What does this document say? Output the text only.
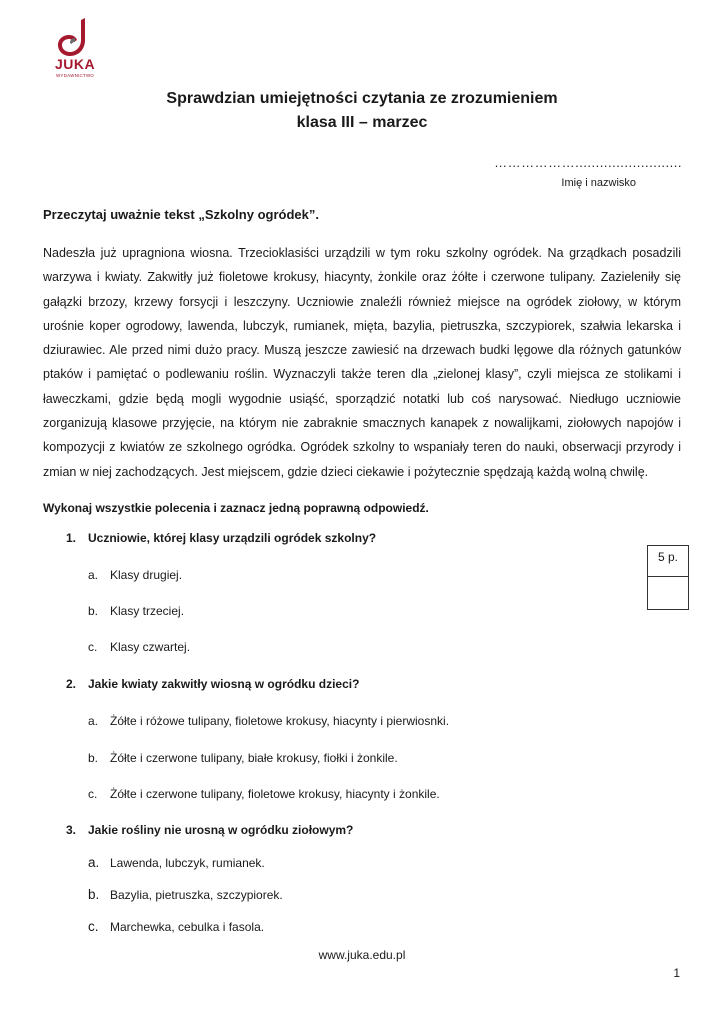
JUKA
WYDAWNICTWO
Sprawdzian umiejętności czytania ze zrozumieniem
klasa III – marzec
………………..........................
Imię i nazwisko
Przeczytaj uważnie tekst „Szkolny ogródek”.

Nadeszła już upragniona wiosna. Trzecioklasiści urządzili w tym roku szkolny ogródek. Na grządkach posadzili warzywa i kwiaty. Zakwitły już fioletowe krokusy, hiacynty, żonkile oraz żółte i czerwone tulipany. Zazieleniły się gałązki brzozy, krzewy forsycji i leszczyny. Uczniowie znaleźli również miejsce na ogródek ziołowy, w którym urośnie koper ogrodowy, lawenda, lubczyk, rumianek, mięta, bazylia, pietruszka, szczypiorek, szałwia lekarska i dziurawiec. Ale przed nimi dużo pracy. Muszą jeszcze zawiesić na drzewach budki lęgowe dla różnych gatunków ptaków i pamiętać o podlewaniu roślin. Wyznaczyli także teren dla „zielonej klasy”, czyli miejsca ze stolikami i ławeczkami, gdzie będą mogli wygodnie usiąść, sporządzić notatki lub coś narysować. Niedługo uczniowie zorganizują klasowe przyjęcie, na którym nie zabraknie smacznych kanapek z nowalijkami, ziołowych napojów i kompozycji z kwiatów ze szkolnego ogródka. Ogródek szkolny to wspaniały teren do nauki, obserwacji przyrody i zmian w niej zachodzących. Jest miejscem, gdzie dzieci ciekawie i pożytecznie spędzają każdą wolną chwilę.

Wykonaj wszystkie polecenia i zaznacz jedną poprawną odpowiedź.
5 p.
1. Uczniowie, której klasy urządzili ogródek szkolny?
a. Klasy drugiej.
b. Klasy trzeciej.
c. Klasy czwartej.
2. Jakie kwiaty zakwitły wiosną w ogródku dzieci?
a. Żółte i różowe tulipany, fioletowe krokusy, hiacynty i pierwiosnki.
b. Żółte i czerwone tulipany, białe krokusy, fiołki i żonkile.
c. Żółte i czerwone tulipany, fioletowe krokusy, hiacynty i żonkile.
3. Jakie rośliny nie urosną w ogródku ziołowym?
a. Lawenda, lubczyk, rumianek.
b. Bazylia, pietruszka, szczypiorek.
c. Marchewka, cebulka i fasola.
www.juka.edu.pl
1
